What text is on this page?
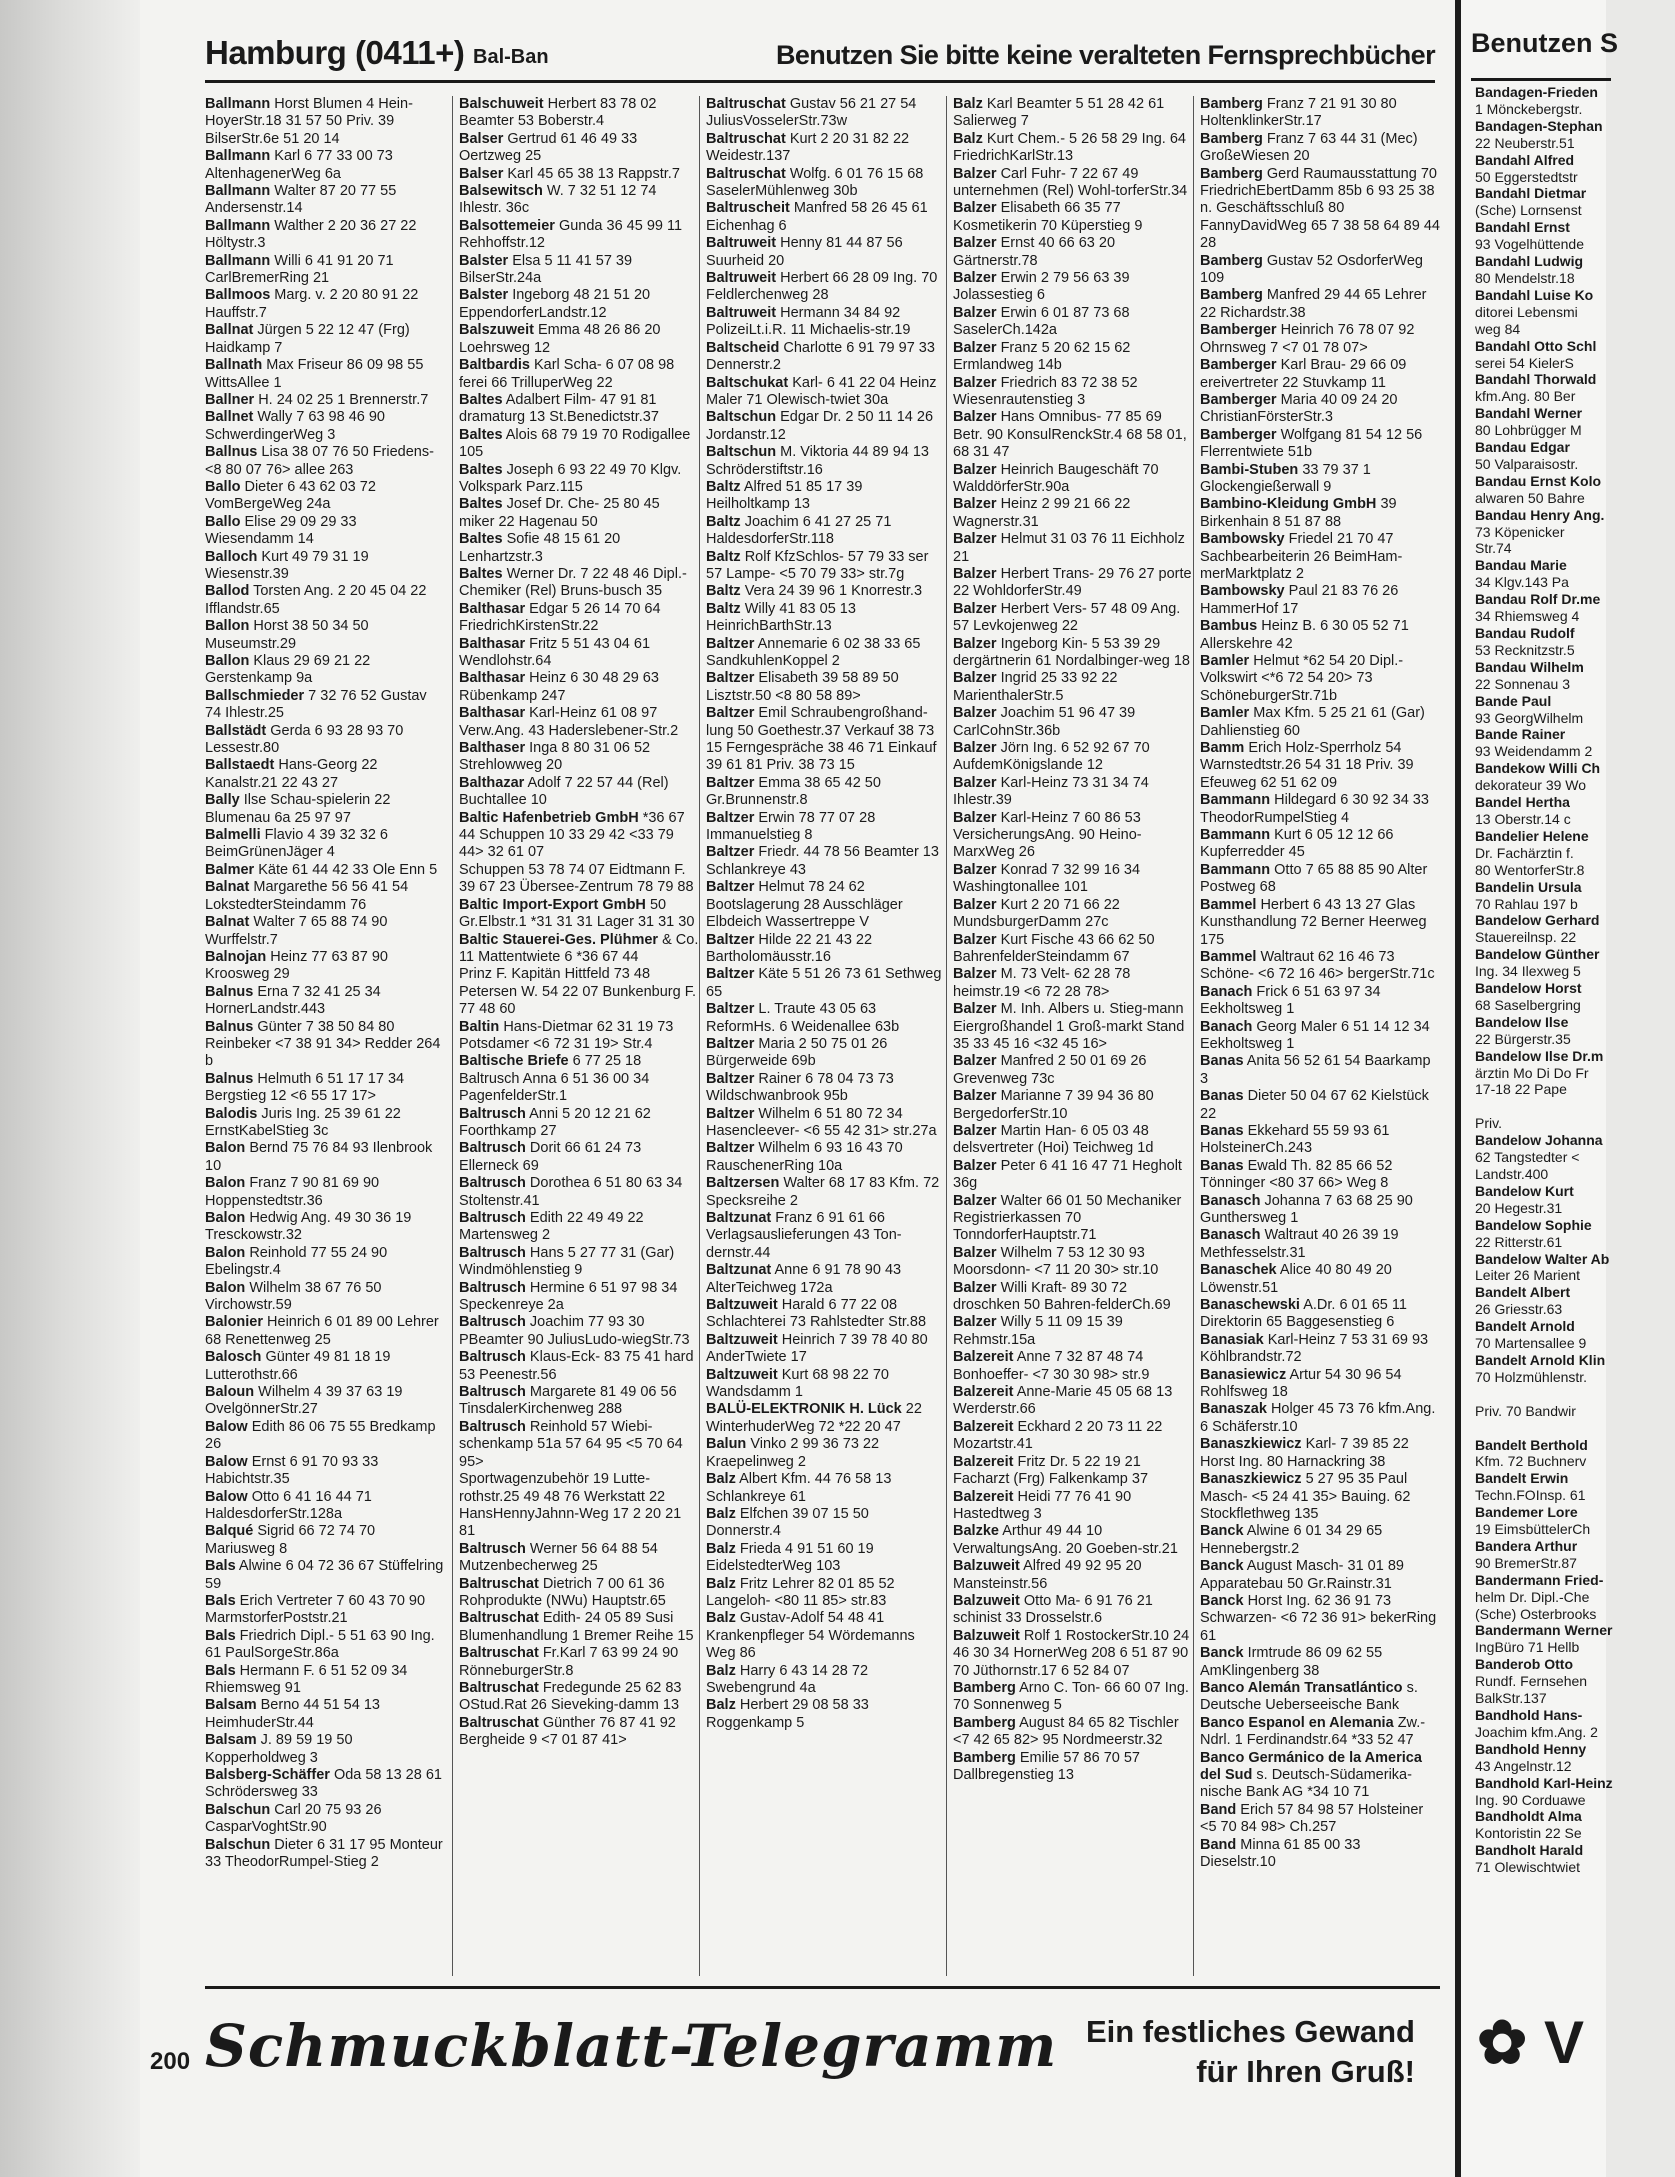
Hamburg (0411+) Bal-Ban	Benutzen Sie bitte keine veralteten Fernsprechbücher
Ballmann Horst Blumen 4 Hein-HoyerStr.18 31 57 50 Priv. 39 BilserStr.6e 51 20 14
Ballmann Karl 6 77 33 00 73 AltenhagenerWeg 6a
Ballmann Walter 87 20 77 55 Andersenstr.14
Ballmann Walther 2 20 36 27 22 Höltystr.3
Ballmann Willi 6 41 91 20 71 CarlBremerRing 21
Ballmoos Marg. v. 2 20 80 91 22 Hauffstr.7
Ballnat Jürgen 5 22 12 47 (Frg) Haidkamp 7
Ballnath Max Friseur 86 09 98 55 WittsAllee 1
Ballner H. 24 02 25 1 Brennerstr.7
Ballnet Wally 7 63 98 46 90 SchwerdingerWeg 3
Ballnus Lisa 38 07 76 50 Friedens- <8 80 07 76> allee 263
Ballo Dieter 6 43 62 03 72 VomBergeWeg 24a
Ballo Elise 29 09 29 33 Wiesendamm 14
Balloch Kurt 49 79 31 19 Wiesenstr.39
Ballod Torsten Ang. 2 20 45 04 22 Ifflandstr.65
Ballon Horst 38 50 34 50 Museumstr.29
Ballon Klaus 29 69 21 22 Gerstenkamp 9a
Ballschmieder 7 32 76 52 Gustav 74 Ihlestr.25
Ballstädt Gerda 6 93 28 93 70 Lessestr.80
Ballstaedt Hans-Georg 22 Kanalstr.21 22 43 27
Bally Ilse Schau-spielerin 22 Blumenau 6a 25 97 97
Balmelli Flavio 4 39 32 32 6 BeimGrünenJäger 4
Balmer Käte 61 44 42 33 Ole Enn 5
Balnat Margarethe 56 56 41 54 LokstedterSteindamm 76
Balnat Walter 7 65 88 74 90 Wurffelstr.7
Balnojan Heinz 77 63 87 90 Kroosweg 29
Balnus Erna 7 32 41 25 34 HornerLandstr.443
Balnus Günter 7 38 50 84 80 Reinbeker <7 38 91 34> Redder 264 b
Balnus Helmuth 6 51 17 17 34 Bergstieg 12 <6 55 17 17>
Balodis Juris Ing. 25 39 61 22 ErnstKabelStieg 3c
Balon Bernd 75 76 84 93 Ilenbrook 10
Balon Franz 7 90 81 69 90 Hoppenstedtstr.36
Balon Hedwig Ang. 49 30 36 19 Tresckowstr.32
Balon Reinhold 77 55 24 90 Ebelingstr.4
Balon Wilhelm 38 67 76 50 Virchowstr.59
Balonier Heinrich 6 01 89 00 Lehrer 68 Renettenweg 25
Balosch Günter 49 81 18 19 Lutterothstr.66
Baloun Wilhelm 4 39 37 63 19 OvelgönnerStr.27
Balow Edith 86 06 75 55 Bredkamp 26
Balow Ernst 6 91 70 93 33 Habichtstr.35
Balow Otto 6 41 16 44 71 HaldesdorferStr.128a
Balqué Sigrid 66 72 74 70 Mariusweg 8
Bals Alwine 6 04 72 36 67 Stüffelring 59
Bals Erich Vertreter 7 60 43 70 90 MarmstorferPoststr.21
Bals Friedrich Dipl.- 5 51 63 90 Ing. 61 PaulSorgeStr.86a
Bals Hermann F. 6 51 52 09 34 Rhiemsweg 91
Balsam Berno 44 51 54 13 HeimhuderStr.44
Balsam J. 89 59 19 50 Kopperholdweg 3
Balsberg-Schäffer Oda 58 13 28 61 Schrödersweg 33
Balschun Carl 20 75 93 26 CasparVoghtStr.90
Balschun Dieter 6 31 17 95 Monteur 33 TheodorRumpel-Stieg 2
Balschuweit Herbert 83 78 02 Beamter 53 Boberstr.4
Balser Gertrud 61 46 49 33 Oertzweg 25
Balser Karl 45 65 38 13 Rappstr.7
Balsewitsch W. 7 32 51 12 74 Ihlestr. 36c
Balsottemeier Gunda 36 45 99 11 Rehhoffstr.12
Balster Elsa 5 11 41 57 39 BilserStr.24a
Balster Ingeborg 48 21 51 20 EppendorferLandstr.12
Balszuweit Emma 48 26 86 20 Loehrsweg 12
Baltbardis Karl Scha- 6 07 08 98 ferei 66 TrilluperWeg 22
Baltes Adalbert Film- 47 91 81 dramaturg 13 St.Benedictstr.37
Baltes Alois 68 79 19 70 Rodigallee 105
Baltes Joseph 6 93 22 49 70 Klgv. Volkspark Parz.115
Baltes Josef Dr. Che- 25 80 45 miker 22 Hagenau 50
Baltes Sofie 48 15 61 20 Lenhartzstr.3
Baltes Werner Dr. 7 22 48 46 Dipl.-Chemiker (Rel) Bruns-busch 35
Balthasar Edgar 5 26 14 70 64 FriedrichKirstenStr.22
Balthasar Fritz 5 51 43 04 61 Wendlohstr.64
Balthasar Heinz 6 30 48 29 63 Rübenkamp 247
Balthasar Karl-Heinz 61 08 97 Verw.Ang. 43 Haderslebener-Str.2
Balthaser Inga 8 80 31 06 52 Strehlowweg 20
Balthazar Adolf 7 22 57 44 (Rel) Buchtallee 10
Baltic Hafenbetrieb GmbH *36 67 44 Schuppen 10 33 29 42 <33 79 44> 32 61 07
Schuppen 53 78 74 07 Eidtmann F. 39 67 23 Übersee-Zentrum 78 79 88
Baltic Import-Export GmbH 50 Gr.Elbstr.1 *31 31 31 Lager 31 31 30
Baltic Stauerei-Ges. Plühmer & Co. 11 Mattentwiete 6 *36 67 44
Prinz F. Kapitän Hittfeld 73 48 Petersen W. 54 22 07 Bunkenburg F. 77 48 60
Baltin Hans-Dietmar 62 31 19 73 Potsdamer <6 72 31 19> Str.4
Baltische Briefe 6 77 25 18 Baltrusch Anna 6 51 36 00 34 PagenfelderStr.1
Baltrusch Anni 5 20 12 21 62 Foorthkamp 27
Baltrusch Dorit 66 61 24 73 Ellerneck 69
Baltrusch Dorothea 6 51 80 63 34 Stoltenstr.41
Baltrusch Edith 22 49 49 22 Martensweg 2
Baltrusch Hans 5 27 77 31 (Gar) Windmöhlenstieg 9
Baltrusch Hermine 6 51 97 98 34 Speckenreye 2a
Baltrusch Joachim 77 93 30 PBeamter 90 JuliusLudo-wiegStr.73
Baltrusch Klaus-Eck- 83 75 41 hard 53 Peenestr.56
Baltrusch Margarete 81 49 06 56 TinsdalerKirchenweg 288
Baltrusch Reinhold 57 Wiebi-schenkamp 51a 57 64 95 <5 70 64 95>
Sportwagenzubehör 19 Lutte-rothstr.25 49 48 76 Werkstatt 22 HansHennyJahnn-Weg 17 2 20 21 81
Baltrusch Werner 56 64 88 54 Mutzenbecherweg 25
Baltruschat Dietrich 7 00 61 36 Rohprodukte (NWu) Hauptstr.65
Baltruschat Edith- 24 05 89 Susi Blumenhandlung 1 Bremer Reihe 15
Baltruschat Fr.Karl 7 63 99 24 90 RönneburgerStr.8
Baltruschat Fredegunde 25 62 83 OStud.Rat 26 Sieveking-damm 13
Baltruschat Günther 76 87 41 92 Bergheide 9 <7 01 87 41>
Baltruschat Gustav 56 21 27 54 JuliusVosselerStr.73w
Baltruschat Kurt 2 20 31 82 22 Weidestr.137
Baltruschat Wolfg. 6 01 76 15 68 SaselerMühlenweg 30b
Baltruscheit Manfred 58 26 45 61 Eichenhag 6
Baltruweit Henny 81 44 87 56 Suurheid 20
Baltruweit Herbert 66 28 09 Ing. 70 Feldlerchenweg 28
Baltruweit Hermann 34 84 92 PolizeiLt.i.R. 11 Michaelis-str.19
Baltscheid Charlotte 6 91 79 97 33 Dennerstr.2
Baltschukat Karl- 6 41 22 04 Heinz Maler 71 Olewisch-twiet 30a
Baltschun Edgar Dr. 2 50 11 14 26 Jordanstr.12
Baltschun M. Viktoria 44 89 94 13 Schröderstiftstr.16
Baltz Alfred 51 85 17 39 Heilholtkamp 13
Baltz Joachim 6 41 27 25 71 HaldesdorferStr.118
Baltz Rolf KfzSchlos- 57 79 33 ser 57 Lampe- <5 70 79 33> str.7g
Baltz Vera 24 39 96 1 Knorrestr.3
Baltz Willy 41 83 05 13 HeinrichBarthStr.13
Baltzer Annemarie 6 02 38 33 65 SandkuhlenKoppel 2
Baltzer Elisabeth 39 58 89 50 Lisztstr.50 <8 80 58 89>
Baltzer Emil Schraubengroßhand-lung 50 Goethestr.37 Verkauf 38 73 15 Ferngespräche 38 46 71 Einkauf 39 61 81 Priv. 38 73 15
Baltzer Emma 38 65 42 50 Gr.Brunnenstr.8
Baltzer Erwin 78 77 07 28 Immanuelstieg 8
Baltzer Friedr. 44 78 56 Beamter 13 Schlankreye 43
Baltzer Helmut 78 24 62 Bootslagerung 28 Ausschläger Elbdeich Wassertreppe V
Baltzer Hilde 22 21 43 22 Bartholomäusstr.16
Baltzer Käte 5 51 26 73 61 Sethweg 65
Baltzer L. Traute 43 05 63 ReformHs. 6 Weidenallee 63b
Baltzer Maria 2 50 75 01 26 Bürgerweide 69b
Baltzer Rainer 6 78 04 73 73 Wildschwanbrook 95b
Baltzer Wilhelm 6 51 80 72 34 Hasencleever- <6 55 42 31> str.27a
Baltzer Wilhelm 6 93 16 43 70 RauschenerRing 10a
Baltzersen Walter 68 17 83 Kfm. 72 Specksreihe 2
Baltzunat Franz 6 91 61 66 Verlagsauslieferungen 43 Ton-dernstr.44
Baltzunat Anne 6 91 78 90 43 AlterTeichweg 172a
Baltzuweit Harald 6 77 22 08 Schlachterei 73 Rahlstedter Str.88
Baltzuweit Heinrich 7 39 78 40 80 AnderTwiete 17
Baltzuweit Kurt 68 98 22 70 Wandsdamm 1
BALÜ-ELEKTRONIK H. Lück 22 WinterhuderWeg 72 *22 20 47
Balun Vinko 2 99 36 73 22 Kraepelinweg 2
Balz Albert Kfm. 44 76 58 13 Schlankreye 61
Balz Elfchen 39 07 15 50 Donnerstr.4
Balz Frieda 4 91 51 60 19 EidelstedterWeg 103
Balz Fritz Lehrer 82 01 85 52 Langeloh- <80 11 85> str.83
Balz Gustav-Adolf 54 48 41 Krankenpfleger 54 Wördemanns Weg 86
Balz Harry 6 43 14 28 72 Swebengrund 4a
Balz Herbert 29 08 58 33 Roggenkamp 5
Balz Karl Beamter 5 51 28 42 61 Salierweg 7
Balz Kurt Chem.- 5 26 58 29 Ing. 64 FriedrichKarlStr.13
Balzer Carl Fuhr- 7 22 67 49 unternehmen (Rel) Wohl-torferStr.34
Balzer Elisabeth 66 35 77 Kosmetikerin 70 Küperstieg 9
Balzer Ernst 40 66 63 20 Gärtnerstr.78
Balzer Erwin 2 79 56 63 39 Jolassestieg 6
Balzer Erwin 6 01 87 73 68 SaselerCh.142a
Balzer Franz 5 20 62 15 62 Ermlandweg 14b
Balzer Friedrich 83 72 38 52 Wiesenrautenstieg 3
Balzer Hans Omnibus- 77 85 69 Betr. 90 KonsulRenckStr.4 68 58 01, 68 31 47
Balzer Heinrich Baugeschäft 70 WalddörferStr.90a
Balzer Heinz 2 99 21 66 22 Wagnerstr.31
Balzer Helmut 31 03 76 11 Eichholz 21
Balzer Herbert Trans- 29 76 27 porte 22 WohldorferStr.49
Balzer Herbert Vers- 57 48 09 Ang. 57 Levkojenweg 22
Balzer Ingeborg Kin- 5 53 39 29 dergärtnerin 61 Nordalbinger-weg 18
Balzer Ingrid 25 33 92 22 MarienthalerStr.5
Balzer Joachim 51 96 47 39 CarlCohnStr.36b
Balzer Jörn Ing. 6 52 92 67 70 AufdemKönigslande 12
Balzer Karl-Heinz 73 31 34 74 Ihlestr.39
Balzer Karl-Heinz 7 60 86 53 VersicherungsAng. 90 Heino-MarxWeg 26
Balzer Konrad 7 32 99 16 34 Washingtonallee 101
Balzer Kurt 2 20 71 66 22 MundsburgerDamm 27c
Balzer Kurt Fische 43 66 62 50 BahrenfelderSteindamm 67
Balzer M. 73 Velt- 62 28 78 heimstr.19 <6 72 28 78>
Balzer M. Inh. Albers u. Stieg-mann Eiergroßhandel 1 Groß-markt Stand 35 33 45 16 <32 45 16>
Balzer Manfred 2 50 01 69 26 Grevenweg 73c
Balzer Marianne 7 39 94 36 80 BergedorferStr.10
Balzer Martin Han- 6 05 03 48 delsvertreter (Hoi) Teichweg 1d
Balzer Peter 6 41 16 47 71 Hegholt 36g
Balzer Walter 66 01 50 Mechaniker Registrierkassen 70 TonndorferHauptstr.71
Balzer Wilhelm 7 53 12 30 93 Moorsdonn- <7 11 20 30> str.10
Balzer Willi Kraft- 89 30 72 droschken 50 Bahren-felderCh.69
Balzer Willy 5 11 09 15 39 Rehmstr.15a
Balzereit Anne 7 32 87 48 74 Bonhoeffer- <7 30 30 98> str.9
Balzereit Anne-Marie 45 05 68 13 Werderstr.66
Balzereit Eckhard 2 20 73 11 22 Mozartstr.41
Balzereit Fritz Dr. 5 22 19 21 Facharzt (Frg) Falkenkamp 37
Balzereit Heidi 77 76 41 90 Hastedtweg 3
Balzke Arthur 49 44 10 VerwaltungsAng. 20 Goeben-str.21
Balzuweit Alfred 49 92 95 20 Mansteinstr.56
Balzuweit Otto Ma- 6 91 76 21 schinist 33 Drosselstr.6
Balzuweit Rolf 1 RostockerStr.10 24 46 30 34 HornerWeg 208 6 51 87 90 70 Jüthornstr.17 6 52 84 07
Bamberg Arno C. Ton- 66 60 07 Ing. 70 Sonnenweg 5
Bamberg August 84 65 82 Tischler <7 42 65 82> 95 Nordmeerstr.32
Bamberg Emilie 57 86 70 57 Dallbregenstieg 13
Bamberg Franz 7 21 91 30 80 HoltenklinkerStr.17
Bamberg Franz 7 63 44 31 (Mec) GroßeWiesen 20
Bamberg Gerd Raumausstattung 70 FriedrichEbertDamm 85b 6 93 25 38
n. Geschäftsschluß 80 FannyDavidWeg 65 7 38 58 64 89 44 28
Bamberg Gustav 52 OsdorferWeg 109
Bamberg Manfred 29 44 65 Lehrer 22 Richardstr.38
Bamberger Heinrich 76 78 07 92 Ohrnsweg 7 <7 01 78 07>
Bamberger Karl Brau- 29 66 09 ereivertreter 22 Stuvkamp 11
Bamberger Maria 40 09 24 20 ChristianFörsterStr.3
Bamberger Wolfgang 81 54 12 56 Flerrentwiete 51b
Bambi-Stuben 33 79 37 1 Glockengießerwall 9
Bambino-Kleidung GmbH 39 Birkenhain 8 51 87 88
Bambowsky Friedel 21 70 47 Sachbearbeiterin 26 BeimHam-merMarktplatz 2
Bambowsky Paul 21 83 76 26 HammerHof 17
Bambus Heinz B. 6 30 05 52 71 Allerskehre 42
Bamler Helmut *62 54 20 Dipl.-Volkswirt <*6 72 54 20> 73 SchöneburgerStr.71b
Bamler Max Kfm. 5 25 21 61 (Gar) Dahlienstieg 60
Bamm Erich Holz-Sperrholz 54 Warnstedtstr.26 54 31 18 Priv. 39 Efeuweg 62 51 62 09
Bammann Hildegard 6 30 92 34 33 TheodorRumpelStieg 4
Bammann Kurt 6 05 12 12 66 Kupferredder 45
Bammann Otto 7 65 88 85 90 Alter Postweg 68
Bammel Herbert 6 43 13 27 Glas Kunsthandlung 72 Berner Heerweg 175
Bammel Waltraut 62 16 46 73 Schöne- <6 72 16 46> bergerStr.71c
Banach Frick 6 51 63 97 34 Eekholtsweg 1
Banach Georg Maler 6 51 14 12 34 Eekholtsweg 1
Banas Anita 56 52 61 54 Baarkamp 3
Banas Dieter 50 04 67 62 Kielstück 22
Banas Ekkehard 55 59 93 61 HolsteinerCh.243
Banas Ewald Th. 82 85 66 52 Tönninger <80 37 66> Weg 8
Banasch Johanna 7 63 68 25 90 Gunthersweg 1
Banasch Waltraut 40 26 39 19 Methfesselstr.31
Banaschek Alice 40 80 49 20 Löwenstr.51
Banaschewski A.Dr. 6 01 65 11 Direktorin 65 Baggesenstieg 6
Banasiak Karl-Heinz 7 53 31 69 93 Köhlbrandstr.72
Banasiewicz Artur 54 30 96 54 Rohlfsweg 18
Banaszak Holger 45 73 76 kfm.Ang. 6 Schäferstr.10
Banaszkiewicz Karl- 7 39 85 22 Horst Ing. 80 Harnackring 38
Banaszkiewicz 5 27 95 35 Paul Masch- <5 24 41 35> Bauing. 62 Stockflethweg 135
Banck Alwine 6 01 34 29 65 Hennebergstr.2
Banck August Masch- 31 01 89 Apparatebau 50 Gr.Rainstr.31
Banck Horst Ing. 62 36 91 73 Schwarzen- <6 72 36 91> bekerRing 61
Banck Irmtrude 86 09 62 55 AmKlingenberg 38
Banco Alemán Transatlántico s. Deutsche Ueberseeische Bank
Banco Espanol en Alemania Zw.-Ndrl. 1 Ferdinandstr.64 *33 52 47
Banco Germánico de la America del Sud s. Deutsch-Südamerika-nische Bank AG *34 10 71
Band Erich 57 84 98 57 Holsteiner <5 70 84 98> Ch.257
Band Minna 61 85 00 33 Dieselstr.10
200 Schmuckblatt-Telegramm Ein festliches Gewand
für Ihren Gruß!
Benutzen S
Bandagen-Frieden
1 Mönckebergstr.
Bandagen-Stephan
22 Neuberstr.51
Bandahl Alfred
50 Eggerstedtstr
Bandahl Dietmar
(Sche) Lornsenst
Bandahl Ernst
93 Vogelhüttende
Bandahl Ludwig
80 Mendelstr.18
Bandahl Luise Ko
ditorei Lebensmi
weg 84
Bandahl Otto Schl
serei 54 KielerS
Bandahl Thorwald
kfm.Ang. 80 Ber
Bandahl Werner
80 Lohbrügger M
Bandau Edgar
50 Valparaisostr.
Bandau Ernst Kolo
alwaren 50 Bahre
Bandau Henry Ang.
73 Köpenicker
Str.74
Bandau Marie
34 Klgv.143 Pa
Bandau Rolf Dr.me
34 Rhiemsweg 4
Bandau Rudolf
53 Recknitzstr.5
Bandau Wilhelm
22 Sonnenau 3
Bande Paul
93 GeorgWilhelm
Bande Rainer
93 Weidendamm 2
Bandekow Willi Ch
dekorateur 39 Wo
Bandel Hertha
13 Oberstr.14 c
Bandelier Helene
Dr. Fachärztin f.
80 WentorferStr.8
Bandelin Ursula
70 Rahlau 197 b
Bandelow Gerhard
Stauereilnsp. 22
Bandelow Günther
Ing. 34 Ilexweg 5
Bandelow Horst
68 Saselbergring
Bandelow Ilse
22 Bürgerstr.35
Bandelow Ilse Dr.m
ärztin Mo Di Do Fr
17-18 22 Pape

Priv.
Bandelow Johanna
62 Tangstedter <
Landstr.400
Bandelow Kurt
20 Hegestr.31
Bandelow Sophie
22 Ritterstr.61
Bandelow Walter Ab
Leiter 26 Marient
Bandelt Albert
26 Griesstr.63
Bandelt Arnold
70 Martensallee 9
Bandelt Arnold Klin
70 Holzmühlenstr.

Priv. 70 Bandwir

Bandelt Berthold
Kfm. 72 Buchnerv
Bandelt Erwin
Techn.FOInsp. 61
Bandemer Lore
19 EimsbüttelerCh
Bandera Arthur
90 BremerStr.87
Bandermann Fried-
helm Dr. Dipl.-Che
(Sche) Osterbrooks
Bandermann Werner
IngBüro 71 Hellb
Banderob Otto
Rundf. Fernsehen
BalkStr.137
Bandhold Hans-
Joachim kfm.Ang. 2
Bandhold Henny
43 Angelnstr.12
Bandhold Karl-Heinz
Ing. 90 Corduawe
Bandholdt Alma
Kontoristin 22 Se
Bandholt Harald
71 Olewischtwiet
✿ V
